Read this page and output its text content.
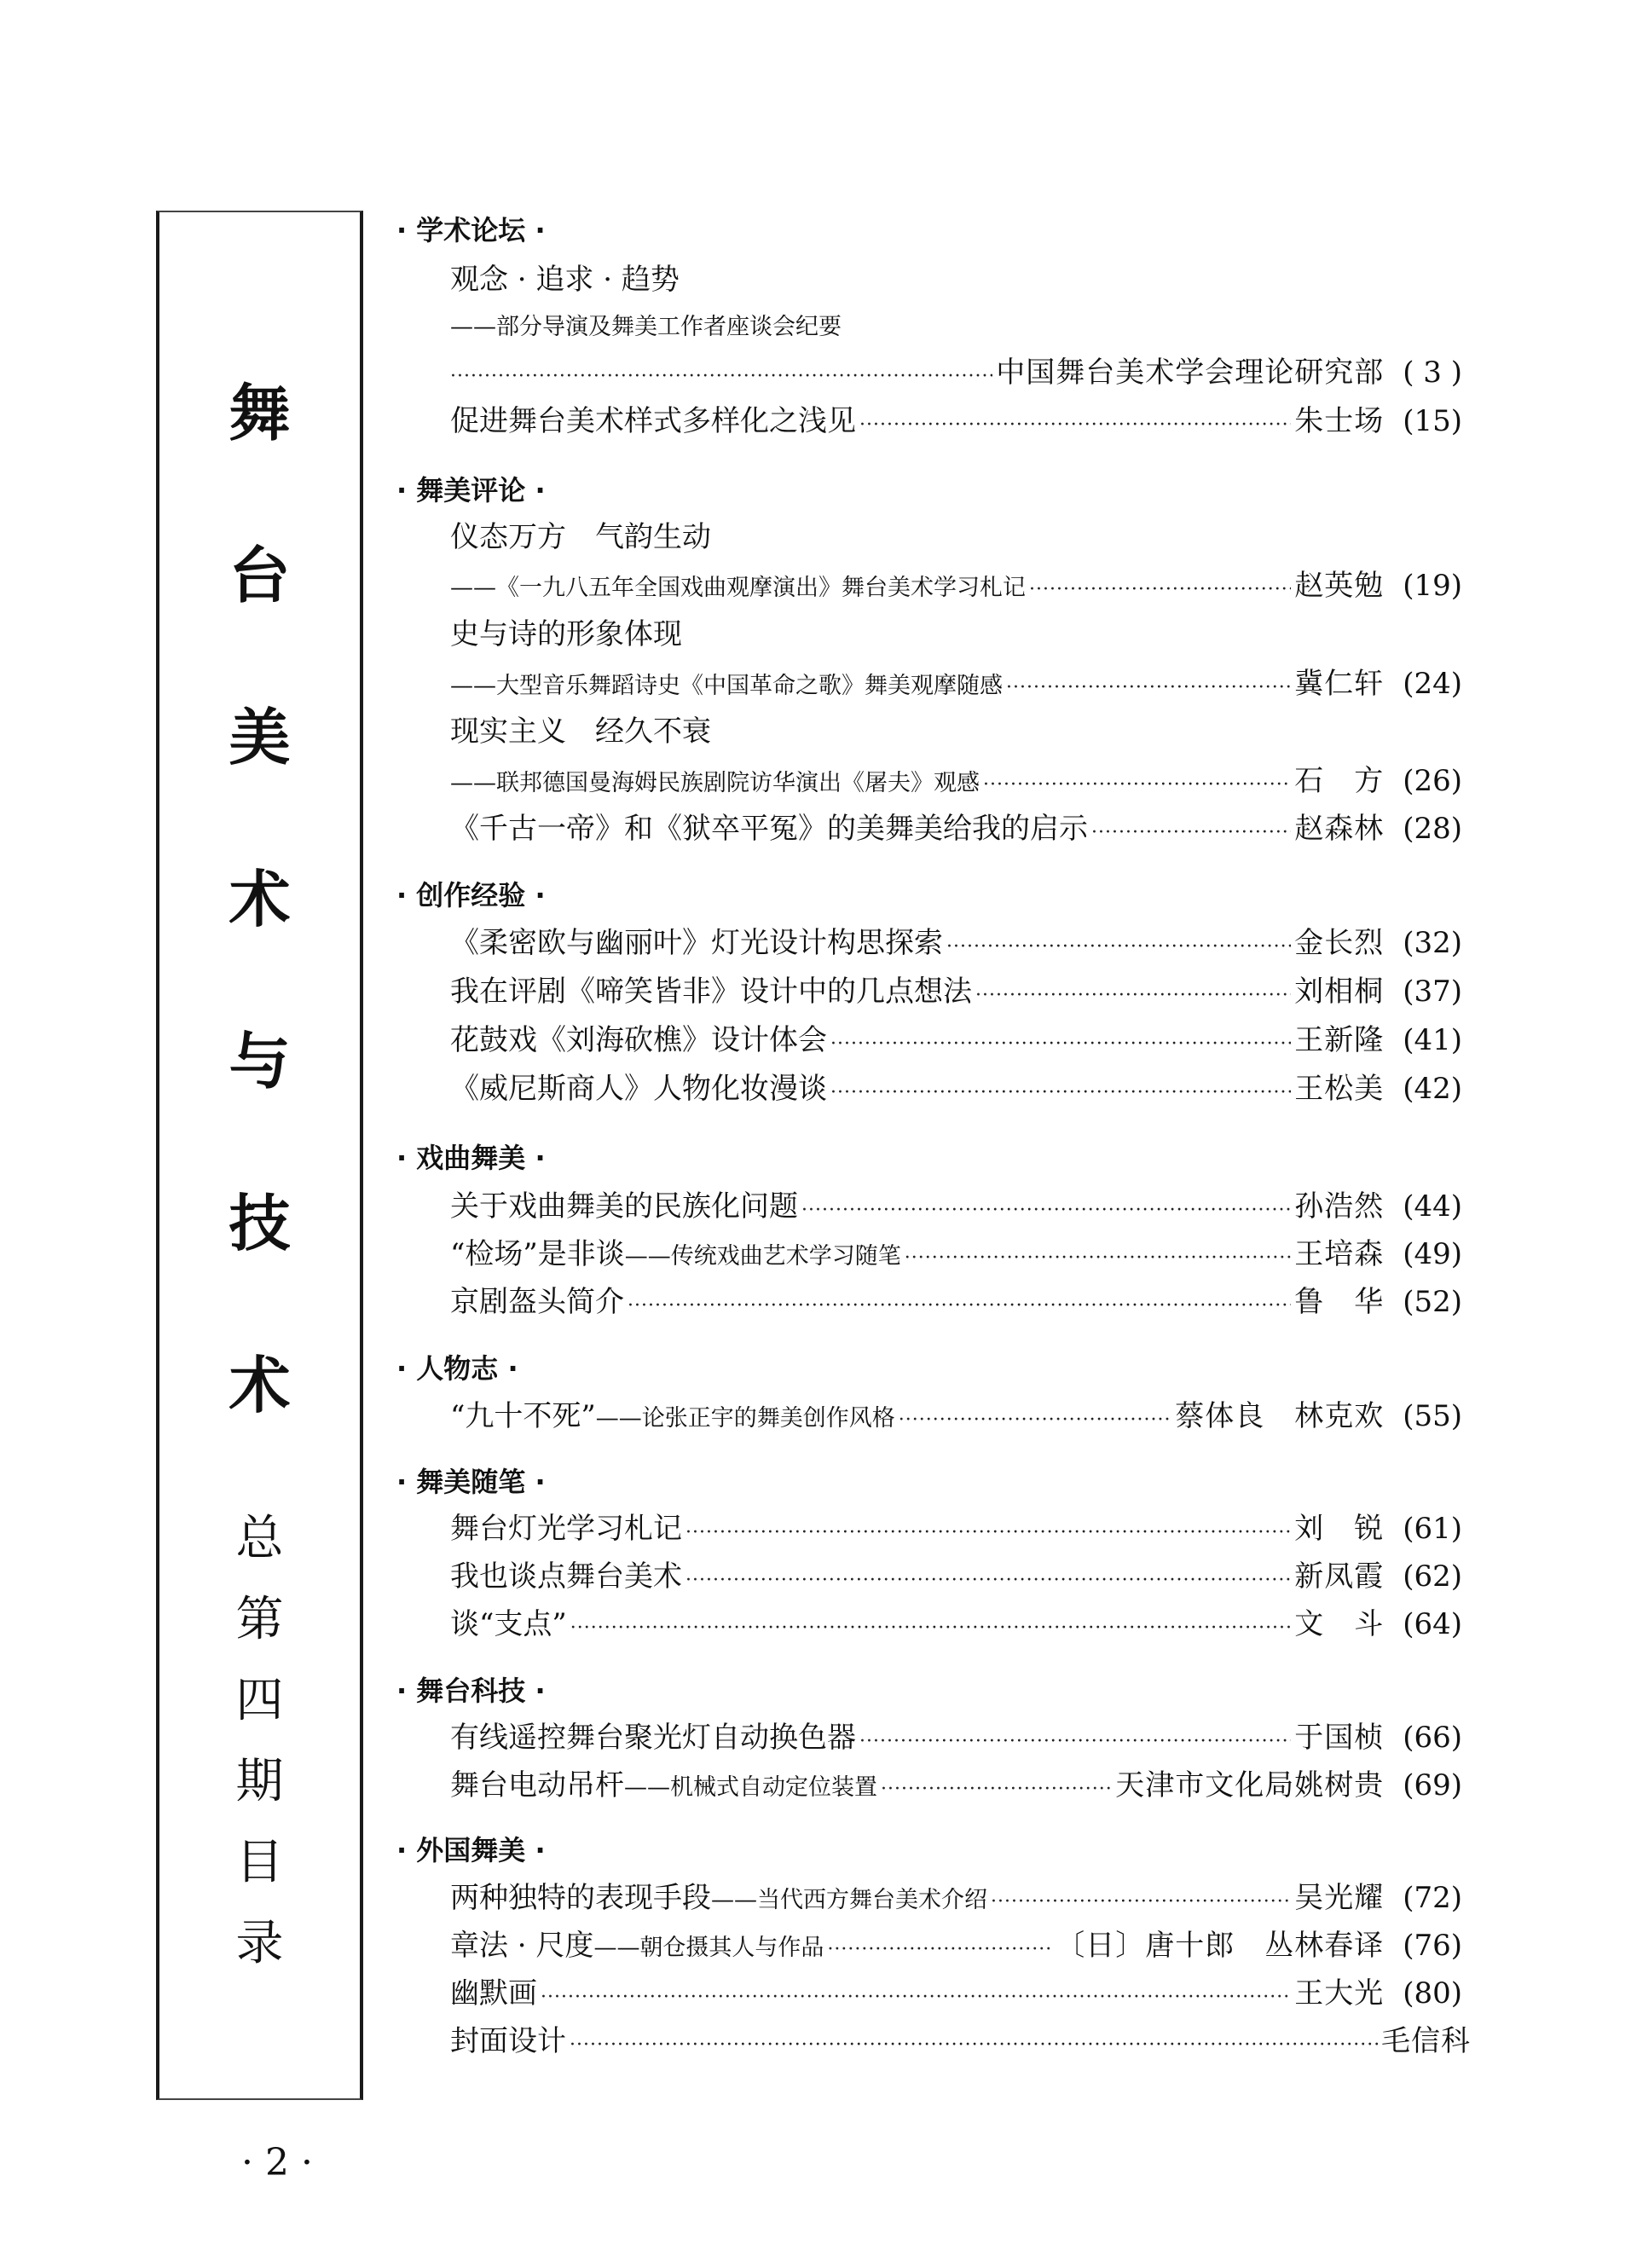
舞
台
美
术
与
技
术
总
第
四
期
目
录
· 2 ·
· 学术论坛 ·
观念 · 追求 · 趋势
——部分导演及舞美工作者座谈会纪要
·····
中国舞台美术学会理论研究部 ( 3 )
促进舞台美术样式多样化之浅见 ·····	朱士场 (15)
· 舞美评论 ·
仪态万方　气韵生动
——《一九八五年全国戏曲观摩演出》舞台美术学习札记 ·····	赵英勉 (19)
史与诗的形象体现
——大型音乐舞蹈诗史《中国革命之歌》舞美观摩随感 ·····	冀仁轩 (24)
现实主义　经久不衰
——联邦德国曼海姆民族剧院访华演出《屠夫》观感 ·····	石　方 (26)
《千古一帝》和《狱卒平冤》的美舞美给我的启示 ·····	赵森林 (28)
· 创作经验 ·
《柔密欧与幽丽叶》灯光设计构思探索 ·····	金长烈 (32)
我在评剧《啼笑皆非》设计中的几点想法 ·····	刘相桐 (37)
花鼓戏《刘海砍樵》设计体会 ·····	王新隆 (41)
《威尼斯商人》人物化妆漫谈 ·····	王松美 (42)
· 戏曲舞美 ·
关于戏曲舞美的民族化问题 ·····	孙浩然 (44)
“检场”是非谈 ——传统戏曲艺术学习随笔 ·····	王培森 (49)
京剧盔头简介 ·····	鲁　华 (52)
· 人物志 ·
“九十不死” ——论张正宇的舞美创作风格 ·····	蔡体良　林克欢 (55)
· 舞美随笔 ·
舞台灯光学习札记 ·····	刘　锐 (61)
我也谈点舞台美术 ·····	新凤霞 (62)
谈“支点” ·····	文　斗 (64)
· 舞台科技 ·
有线遥控舞台聚光灯自动换色器 ·····	于国桢 (66)
舞台电动吊杆 ——机械式自动定位装置 ·····	天津市文化局姚树贵 (69)
· 外国舞美 ·
两种独特的表现手段 ——当代西方舞台美术介绍 ·····	吴光耀 (72)
章法 · 尺度 ——朝仓摄其人与作品 ·····	〔日〕唐十郎　丛林春译 (76)
幽默画 ·····	王大光 (80)
封面设计 ·····	毛信科
